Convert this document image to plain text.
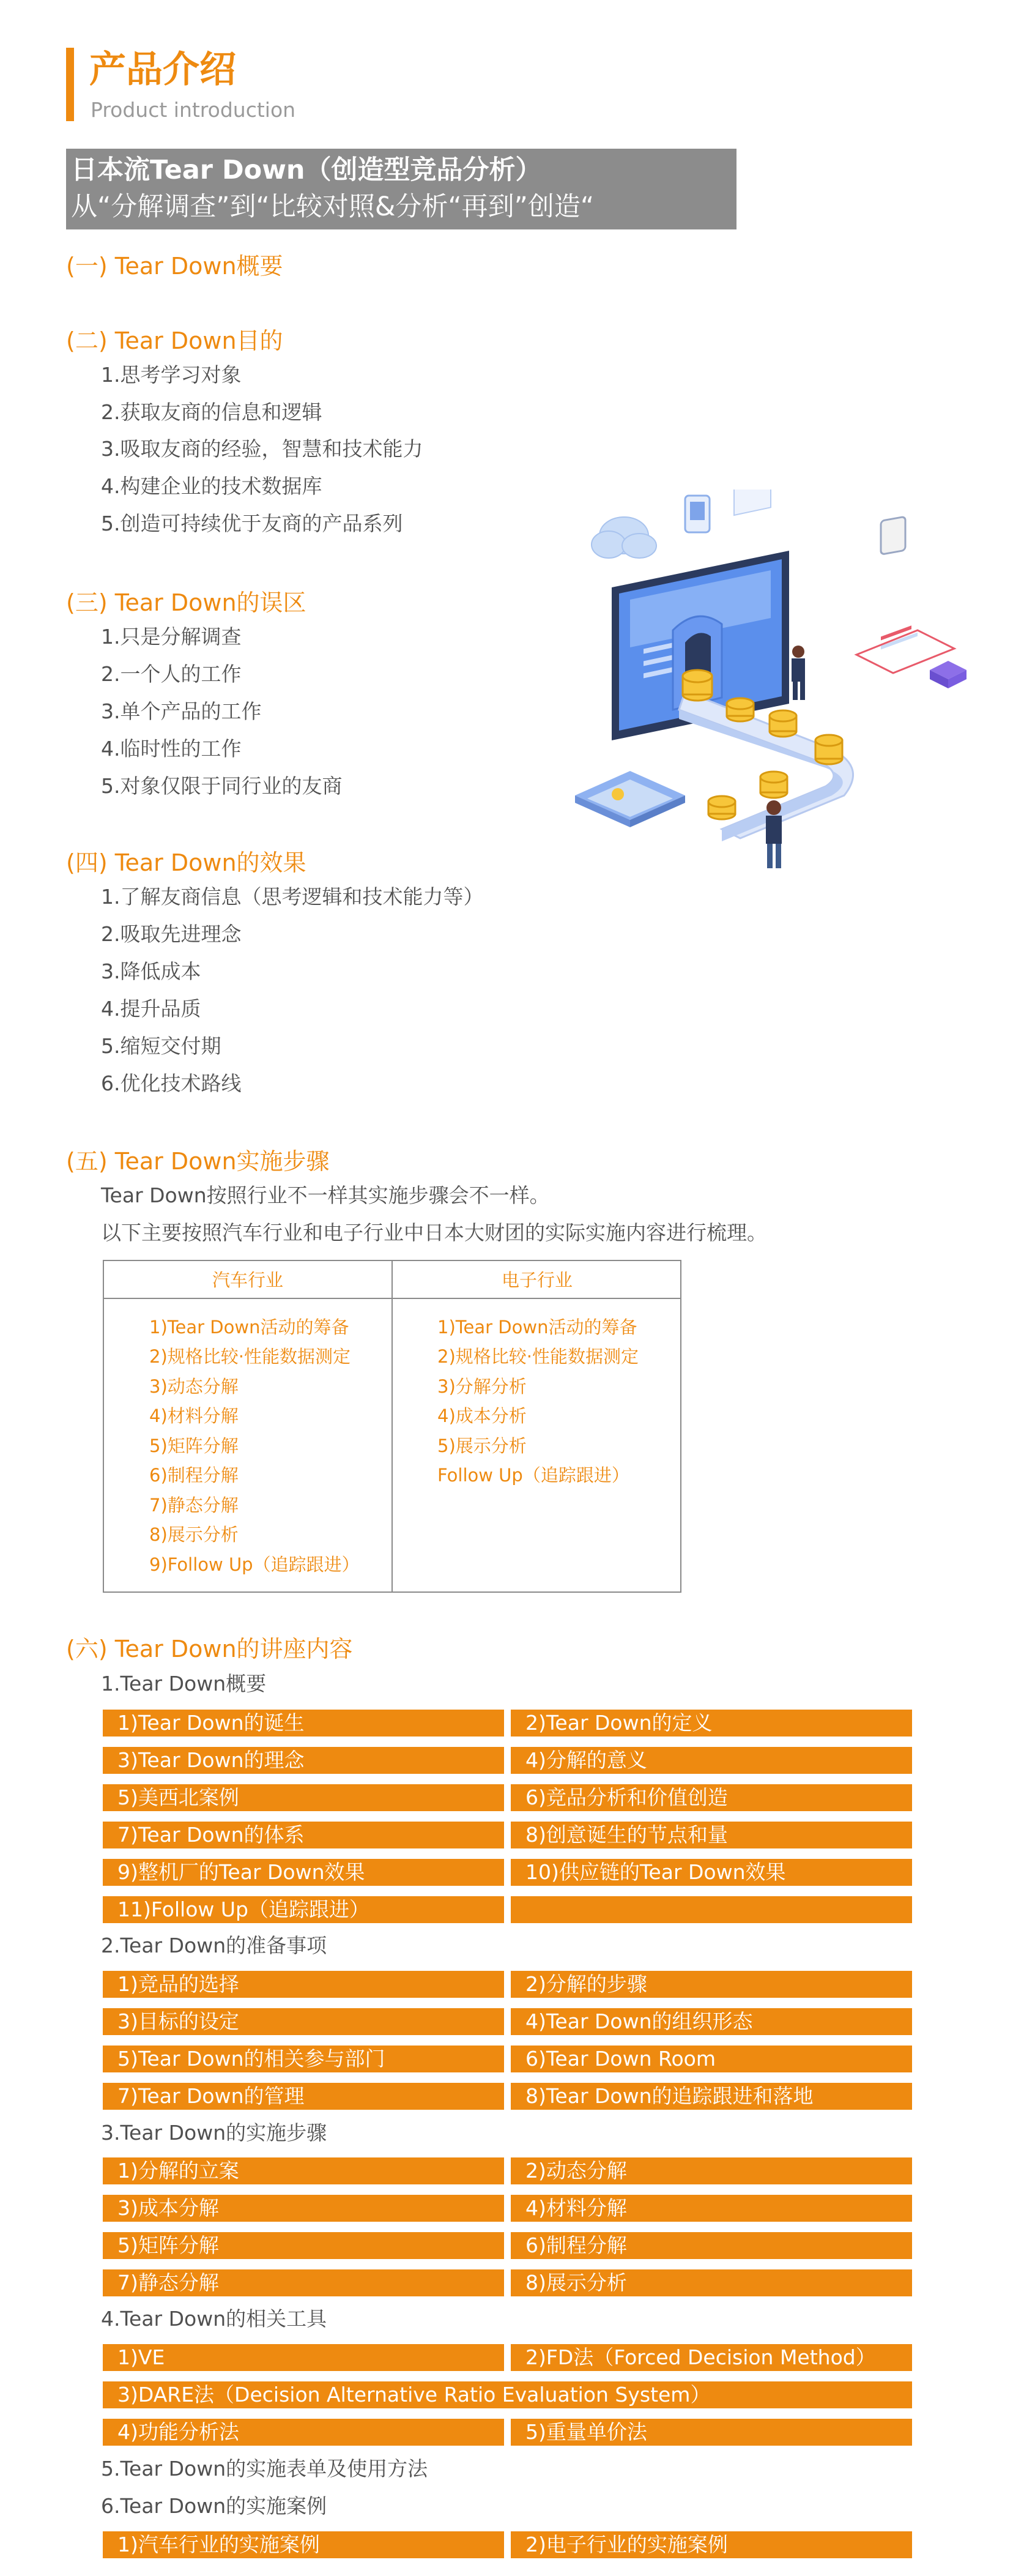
产品介绍
Product introduction
日本流Tear Down（创造型竞品分析）
从“分解调查”到“比较对照&分析“再到”创造“
(一) Tear Down概要
(二) Tear Down目的
1.思考学习对象
2.获取友商的信息和逻辑
3.吸取友商的经验，智慧和技术能力
4.构建企业的技术数据库
5.创造可持续优于友商的产品系列
(三) Tear Down的误区
1.只是分解调查
2.一个人的工作
3.单个产品的工作
4.临时性的工作
5.对象仅限于同行业的友商
(四) Tear Down的效果
1.了解友商信息（思考逻辑和技术能力等）
2.吸取先进理念
3.降低成本
4.提升品质
5.缩短交付期
6.优化技术路线
(五) Tear Down实施步骤
Tear Down按照行业不一样其实施步骤会不一样。
以下主要按照汽车行业和电子行业中日本大财团的实际实施内容进行梳理。
汽车行业	电子行业
1)Tear Down活动的筹备
2)规格比较·性能数据测定
3)动态分解
4)材料分解
5)矩阵分解
6)制程分解
7)静态分解
8)展示分析
9)Follow Up（追踪跟进）
1)Tear Down活动的筹备
2)规格比较·性能数据测定
3)分解分析
4)成本分析
5)展示分析
Follow Up（追踪跟进）
(六) Tear Down的讲座内容
1.Tear Down概要
1)Tear Down的诞生	2)Tear Down的定义
3)Tear Down的理念	4)分解的意义
5)美西北案例	6)竞品分析和价值创造
7)Tear Down的体系	8)创意诞生的节点和量
9)整机厂的Tear Down效果	10)供应链的Tear Down效果
11)Follow Up（追踪跟进）
2.Tear Down的准备事项
1)竞品的选择	2)分解的步骤
3)目标的设定	4)Tear Down的组织形态
5)Tear Down的相关参与部门	6)Tear Down Room
7)Tear Down的管理	8)Tear Down的追踪跟进和落地
3.Tear Down的实施步骤
1)分解的立案	2)动态分解
3)成本分解	4)材料分解
5)矩阵分解	6)制程分解
7)静态分解	8)展示分析
4.Tear Down的相关工具
1)VE	2)FD法（Forced Decision Method）
3)DARE法（Decision Alternative Ratio Evaluation System）
4)功能分析法	5)重量单价法
5.Tear Down的实施表单及使用方法
6.Tear Down的实施案例
1)汽车行业的实施案例	2)电子行业的实施案例
